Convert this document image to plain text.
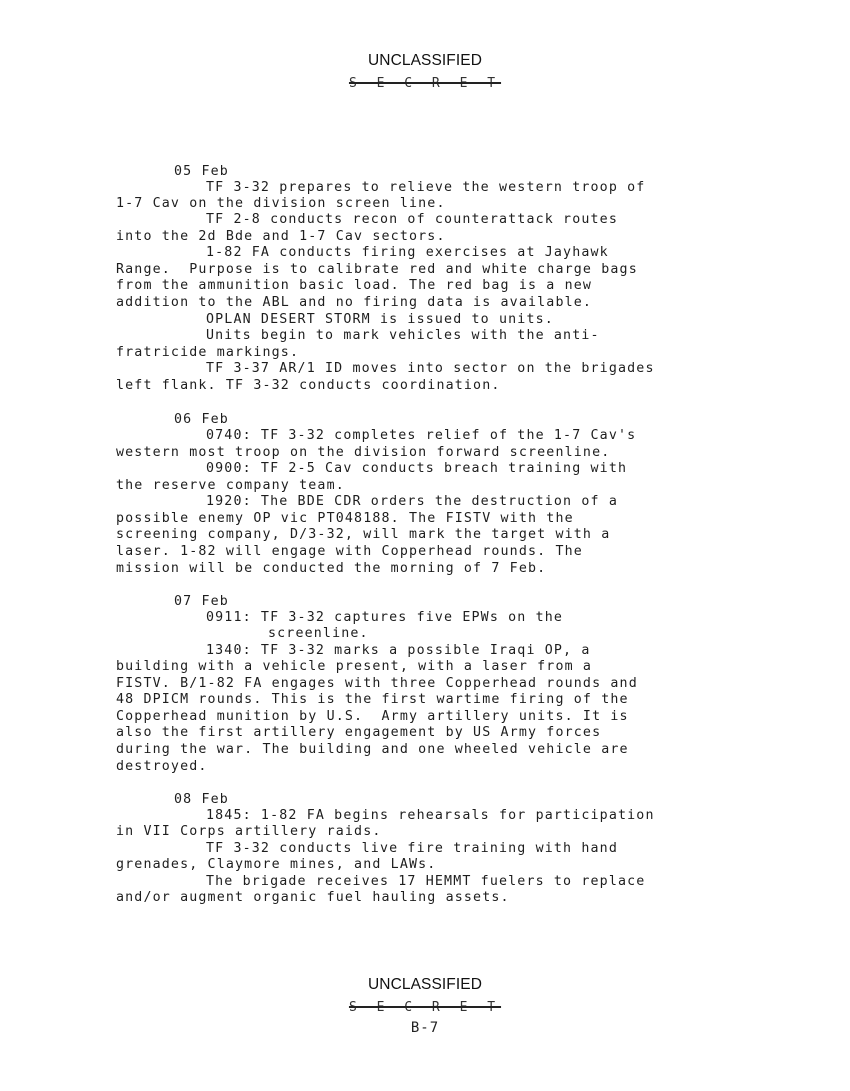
UNCLASSIFIED
S E C R E T
05 Feb
TF 3-32 prepares to relieve the western troop of
1-7 Cav on the division screen line.
TF 2-8 conducts recon of counterattack routes
into the 2d Bde and 1-7 Cav sectors.
1-82 FA conducts firing exercises at Jayhawk
Range.  Purpose is to calibrate red and white charge bags
from the ammunition basic load. The red bag is a new
addition to the ABL and no firing data is available.
OPLAN DESERT STORM is issued to units.
Units begin to mark vehicles with the anti-
fratricide markings.
TF 3-37 AR/1 ID moves into sector on the brigades
left flank. TF 3-32 conducts coordination.
06 Feb
0740: TF 3-32 completes relief of the 1-7 Cav's
western most troop on the division forward screenline.
0900: TF 2-5 Cav conducts breach training with
the reserve company team.
1920: The BDE CDR orders the destruction of a
possible enemy OP vic PT048188. The FISTV with the
screening company, D/3-32, will mark the target with a
laser. 1-82 will engage with Copperhead rounds. The
mission will be conducted the morning of 7 Feb.
07 Feb
0911: TF 3-32 captures five EPWs on the
screenline.
1340: TF 3-32 marks a possible Iraqi OP, a
building with a vehicle present, with a laser from a
FISTV. B/1-82 FA engages with three Copperhead rounds and
48 DPICM rounds. This is the first wartime firing of the
Copperhead munition by U.S.  Army artillery units. It is
also the first artillery engagement by US Army forces
during the war. The building and one wheeled vehicle are
destroyed.
08 Feb
1845: 1-82 FA begins rehearsals for participation
in VII Corps artillery raids.
TF 3-32 conducts live fire training with hand
grenades, Claymore mines, and LAWs.
The brigade receives 17 HEMMT fuelers to replace
and/or augment organic fuel hauling assets.
UNCLASSIFIED
S E C R E T
B-7
